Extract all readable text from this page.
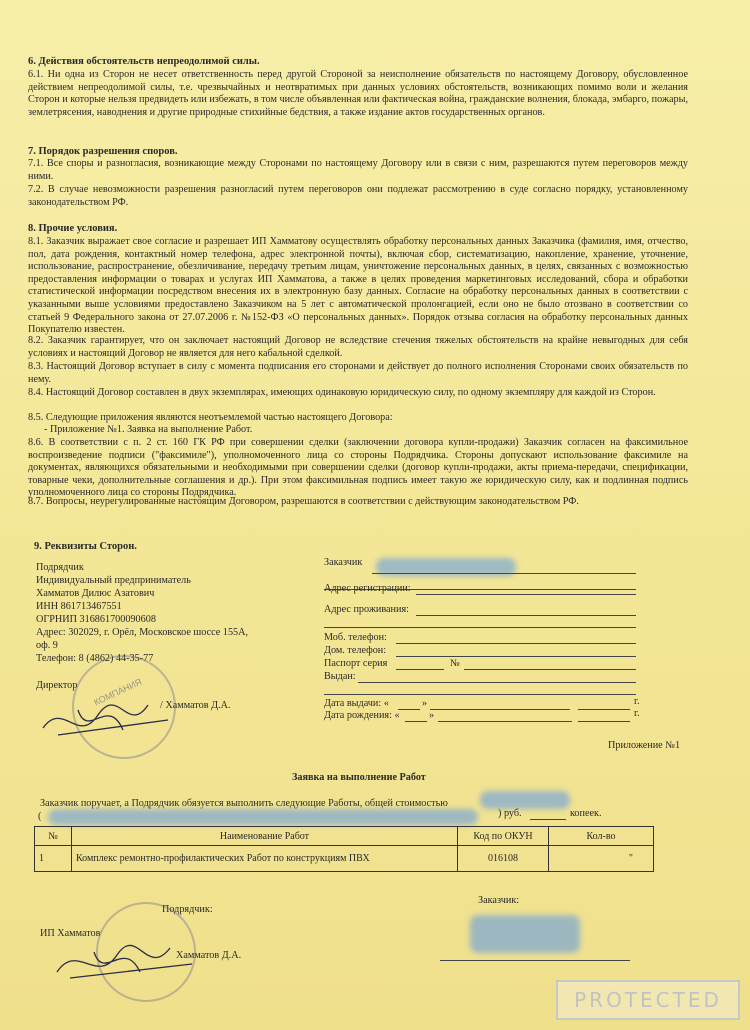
6. Действия обстоятельств непреодолимой силы.

6.1. Ни одна из Сторон не несет ответственность перед другой Стороной за неисполнение обязательств по настоящему Договору, обусловленное действием непреодолимой силы, т.е. чрезвычайных и неотвратимых при данных условиях обстоятельств, возникающих помимо воли и желания Сторон и которые нельзя предвидеть или избежать, в том числе объявленная или фактическая война, гражданские волнения, блокада, эмбарго, пожары, землетрясения, наводнения и другие природные стихийные бедствия, а также издание актов государственных органов.

7. Порядок разрешения споров.

7.1. Все споры и разногласия, возникающие между Сторонами по настоящему Договору или в связи с ним, разрешаются путем переговоров между ними.

7.2. В случае невозможности разрешения разногласий путем переговоров они подлежат рассмотрению в суде согласно порядку, установленному законодательством РФ.

8. Прочие условия.

8.1. Заказчик выражает свое согласие и разрешает ИП Хамматову осуществлять обработку персональных данных Заказчика (фамилия, имя, отчество, пол, дата рождения, контактный номер телефона, адрес электронной почты), включая сбор, систематизацию, накопление, хранение, уточнение, использование, распространение, обезличивание, передачу третьим лицам, уничтожение персональных данных, в целях, связанных с возможностью предоставления информации о товарах и услугах ИП Хамматова, а также в целях проведения маркетинговых исследований, сбора и обработки статистической информации посредством внесения их в электронную базу данных. Согласие на обработку персональных данных в соответствии с указанными выше условиями предоставлено Заказчиком на 5 лет с автоматической пролонгацией, если оно не было отозвано в соответствии со статьей 9 Федерального закона от 27.07.2006 г. №152-ФЗ «О персональных данных». Порядок отзыва согласия на обработку персональных данных Покупателю известен.

8.2. Заказчик гарантирует, что он заключает настоящий Договор не вследствие стечения тяжелых обстоятельств на крайне невыгодных для себя условиях и настоящий Договор не является для него кабальной сделкой.

8.3. Настоящий Договор вступает в силу с момента подписания его сторонами и действует до полного исполнения Сторонами своих обязательств по нему.

8.4. Настоящий Договор составлен в двух экземплярах, имеющих одинаковую юридическую силу, по одному экземпляру для каждой из Сторон.

8.5. Следующие приложения являются неотъемлемой частью настоящего Договора:

- Приложение №1. Заявка на выполнение Работ.

8.6. В соответствии с п. 2 ст. 160 ГК РФ при совершении сделки (заключении договора купли-продажи) Заказчик согласен на факсимильное воспроизведение подписи ("факсимиле"), уполномоченного лица со стороны Подрядчика. Стороны допускают использование факсимиле на документах, являющихся обязательными и необходимыми при совершении сделки (договор купли-продажи, акты приема-передачи, спецификации, товарные чеки, дополнительные соглашения и др.). При этом факсимильная подпись имеет такую же юридическую силу, как и подлинная подпись уполномоченного лица со стороны Подрядчика.

8.7. Вопросы, неурегулированные настоящим Договором, разрешаются в соответствии с действующим законодательством РФ.

9. Реквизиты Сторон.
Подрядчик
Индивидуальный предприниматель
Хамматов Дилюс Азатович
ИНН 861713467551
ОГРНИП 316861700090608
Адрес: 302029, г. Орёл, Московское шоссе 155А,
оф. 9
Телефон: 8 (4862) 44-35-77
Директор
/ Хамматов Д.А.
КОМПАНИЯ
Заказчик
Адрес регистрации:
Адрес проживания:
Моб. телефон:
Дом. телефон:
Паспорт серия	№
Выдан:
Дата выдачи: «	»	г.
Дата рождения: «	»	г.
Приложение №1
Заявка на выполнение Работ
Заказчик поручает, а Подрядчик обязуется выполнить следующие Работы, общей стоимостью
) руб.	копеек.
(
№	Наименование Работ	Код по ОКУН	Кол-во
1	Комплекс ремонтно-профилактических Работ по конструкциям ПВХ	016108	"
Подрядчик:
Заказчик:
ИП Хамматов
Хамматов Д.А.
PROTECTED
